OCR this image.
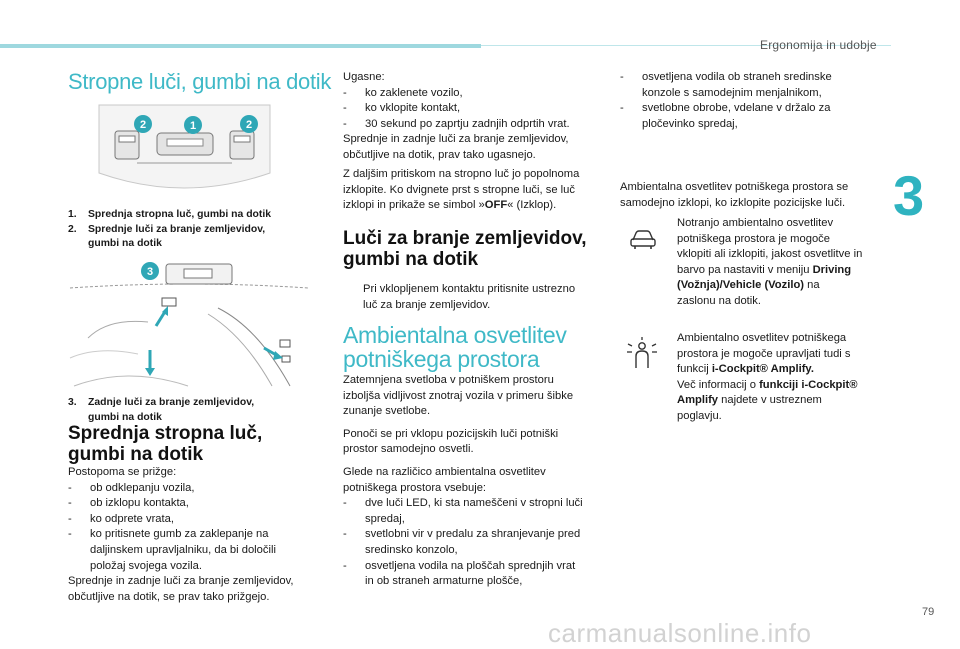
Ergonomija in udobje
3
79
carmanualsonline.info
Stropne luči, gumbi na dotik
2	1	2
1. Sprednja stropna luč, gumbi na dotik
2. Sprednje luči za branje zemljevidov,
gumbi na dotik
3
3. Zadnje luči za branje zemljevidov,
gumbi na dotik
Sprednja stropna luč,
gumbi na dotik
Postopoma se prižge:
- ob odklepanju vozila,
- ob izklopu kontakta,
- ko odprete vrata,
- ko pritisnete gumb za zaklepanje na
daljinskem upravljalniku, da bi določili
položaj svojega vozila.
Sprednje in zadnje luči za branje zemljevidov,
občutljive na dotik, se prav tako prižgejo.
Ugasne:
- ko zaklenete vozilo,
- ko vklopite kontakt,
- 30 sekund po zaprtju zadnjih odprtih vrat.
Sprednje in zadnje luči za branje zemljevidov,
občutljive na dotik, prav tako ugasnejo.
Z daljšim pritiskom na stropno luč jo popolnoma
izklopite. Ko dvignete prst s stropne luči, se luč
izklopi in prikaže se simbol »OFF« (Izklop).
Luči za branje zemljevidov,
gumbi na dotik
Pri vklopljenem kontaktu pritisnite ustrezno
luč za branje zemljevidov.
Ambientalna osvetlitev
potniškega prostora
Zatemnjena svetloba v potniškem prostoru
izboljša vidljivost znotraj vozila v primeru šibke
zunanje svetlobe.
Ponoči se pri vklopu pozicijskih luči potniški
prostor samodejno osvetli.
Glede na različico ambientalna osvetlitev
potniškega prostora vsebuje:
- dve luči LED, ki sta nameščeni v stropni luči
spredaj,
- svetlobni vir v predalu za shranjevanje pred
sredinsko konzolo,
- osvetljena vodila na ploščah sprednjih vrat
in ob straneh armaturne plošče,
- osvetljena vodila ob straneh sredinske
konzole s samodejnim menjalnikom,
- svetlobne obrobe, vdelane v držalo za
pločevinko spredaj,
Ambientalna osvetlitev potniškega prostora se
samodejno izklopi, ko izklopite pozicijske luči.
Notranjo ambientalno osvetlitev
potniškega prostora je mogoče
vklopiti ali izklopiti, jakost osvetlitve in
barvo pa nastaviti v meniju Driving
(Vožnja)/Vehicle (Vozilo) na
zaslonu na dotik.
Ambientalno osvetlitev potniškega
prostora je mogoče upravljati tudi s
funkcij i-Cockpit® Amplify.
Več informacij o funkciji i-Cockpit®
Amplify najdete v ustreznem
poglavju.
